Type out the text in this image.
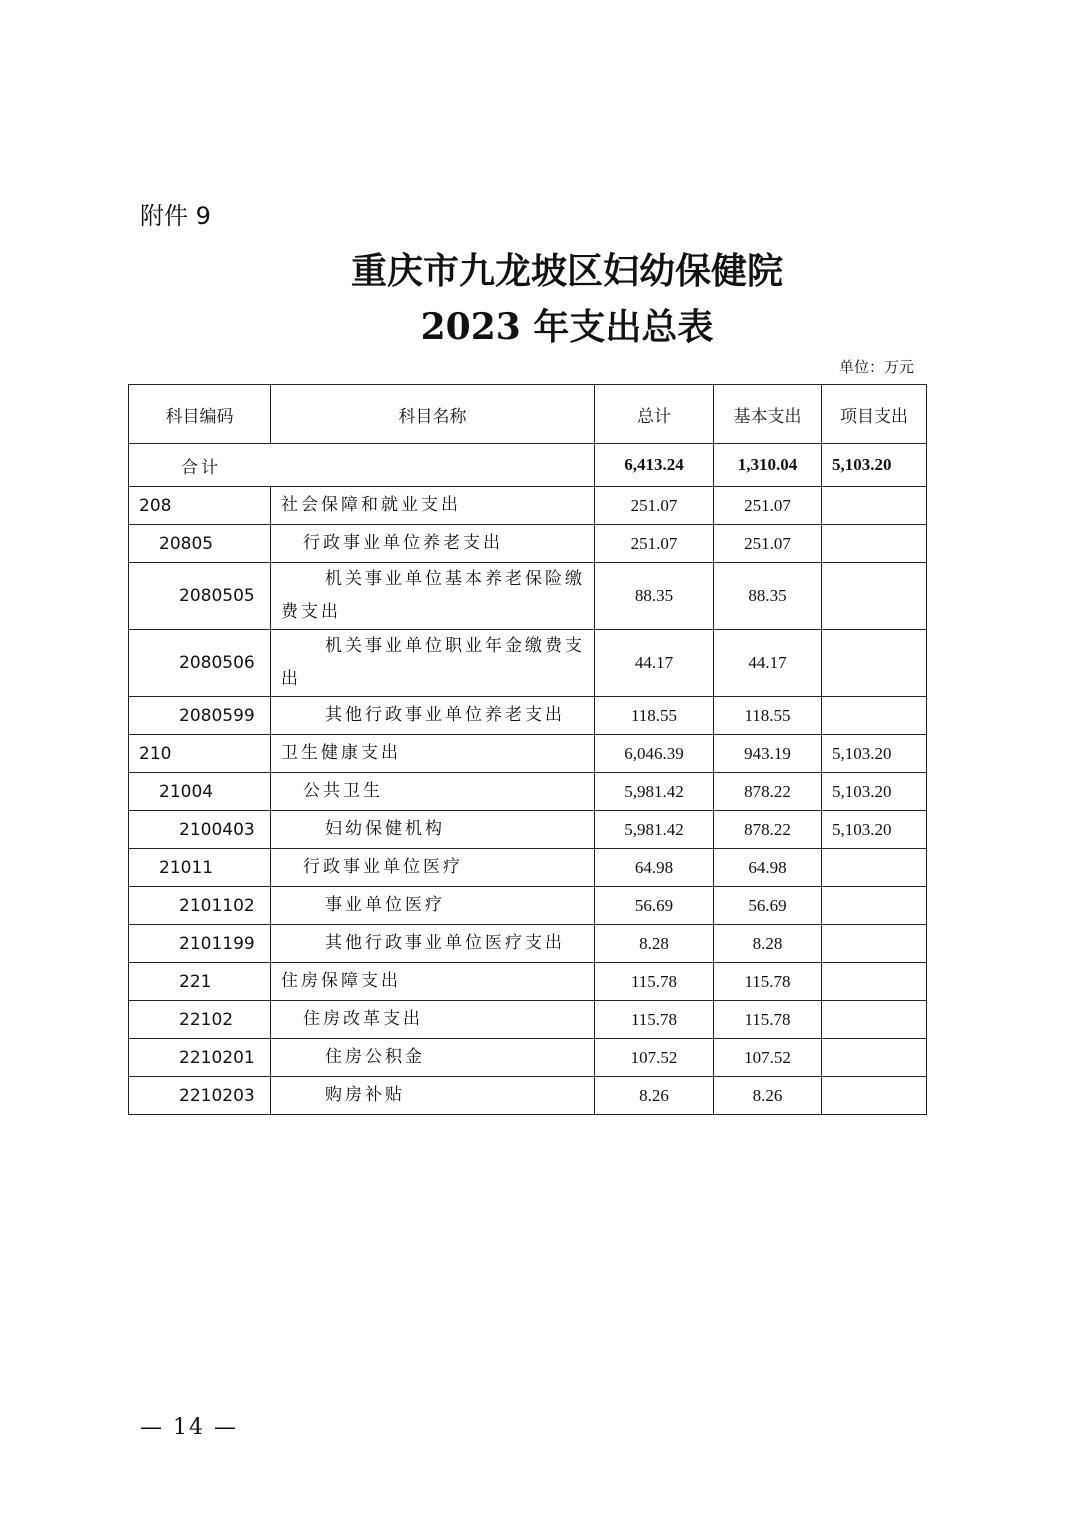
附件 9
重庆市九龙坡区妇幼保健院
2023 年支出总表
单位：万元
科目编码	科目名称	总计	基本支出	项目支出
合计		6,413.24	1,310.04	5,103.20
208	社会保障和就业支出	251.07	251.07	
20805	行政事业单位养老支出	251.07	251.07	
2080505	机关事业单位基本养老保险缴费支出	88.35	88.35	
2080506	机关事业单位职业年金缴费支出	44.17	44.17	
2080599	其他行政事业单位养老支出	118.55	118.55	
210	卫生健康支出	6,046.39	943.19	5,103.20
21004	公共卫生	5,981.42	878.22	5,103.20
2100403	妇幼保健机构	5,981.42	878.22	5,103.20
21011	行政事业单位医疗	64.98	64.98	
2101102	事业单位医疗	56.69	56.69	
2101199	其他行政事业单位医疗支出	8.28	8.28	
221	住房保障支出	115.78	115.78	
22102	住房改革支出	115.78	115.78	
2210201	住房公积金	107.52	107.52	
2210203	购房补贴	8.26	8.26	
— 14 —
